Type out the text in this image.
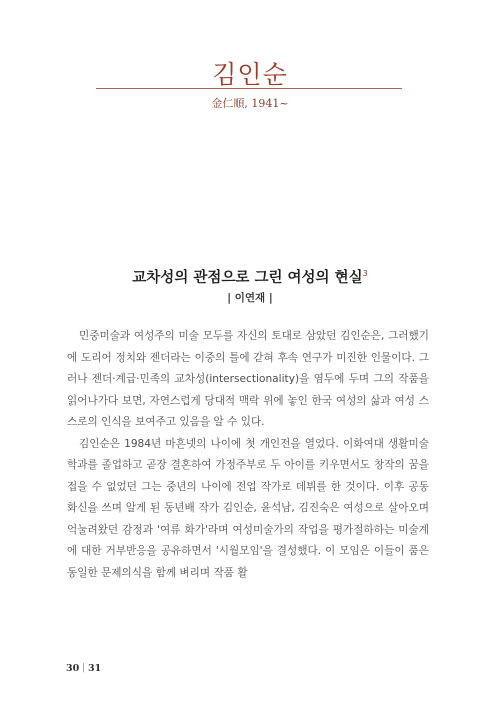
김인순
金仁順, 1941~
교차성의 관점으로 그린 여성의 현실$^3$
| 이연재 |

민중미술과 여성주의 미술 모두를 자신의 토대로 삼았던 김인순은, 그러했기에 도리어 정치와 젠더라는 이중의 틀에 갇혀 후속 연구가 미진한 인물이다. 그러나 젠더·계급·민족의 교차성(intersectionality)을 염두에 두며 그의 작품을 읽어나가다 보면, 자연스럽게 당대적 맥락 위에 놓인 한국 여성의 삶과 여성 스스로의 인식을 보여주고 있음을 알 수 있다.

김인순은 1984년 마흔넷의 나이에 첫 개인전을 열었다. 이화여대 생활미술학과를 졸업하고 곧장 결혼하여 가정주부로 두 아이를 키우면서도 창작의 꿈을 접을 수 없었던 그는 중년의 나이에 전업 작가로 데뷔를 한 것이다. 이후 공동 화신을 쓰며 알게 된 동년배 작가 김인순, 윤석남, 김진숙은 여성으로 살아오며 억눌려왔던 감정과 '여류 화가'라며 여성미술가의 작업을 평가절하하는 미술계에 대한 거부반응을 공유하면서 '시월모임'을 결성했다. 이 모임은 이들이 품은 동일한 문제의식을 함께 벼리며 작품 활

30 | 31
